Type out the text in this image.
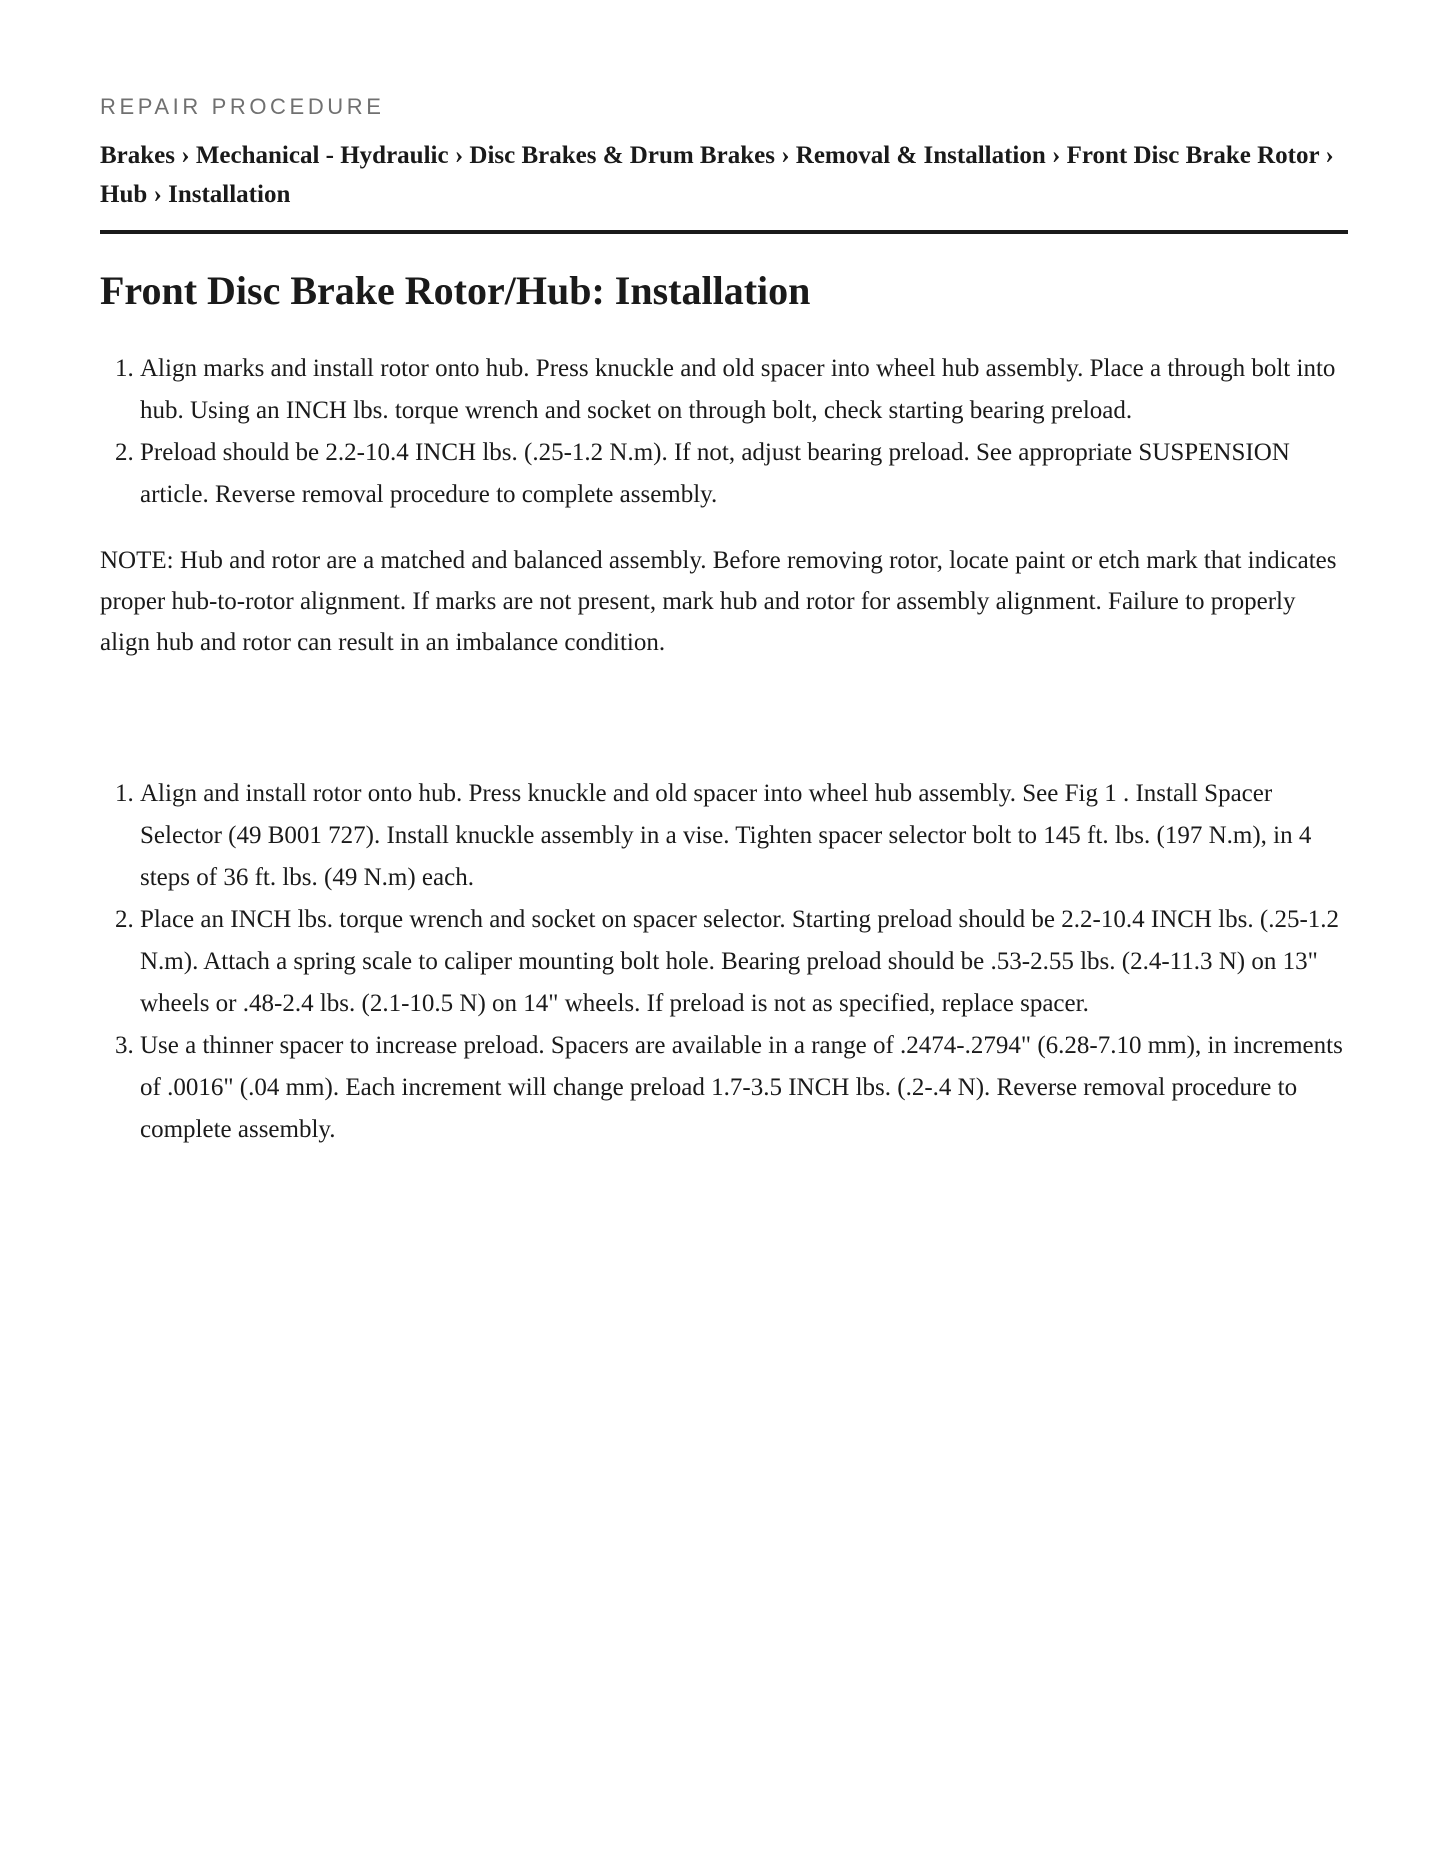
REPAIR PROCEDURE

Brakes › Mechanical - Hydraulic › Disc Brakes & Drum Brakes › Removal & Installation › Front Disc Brake Rotor › Hub › Installation
Front Disc Brake Rotor/Hub: Installation
1. Align marks and install rotor onto hub. Press knuckle and old spacer into wheel hub assembly. Place a through bolt into hub. Using an INCH lbs. torque wrench and socket on through bolt, check starting bearing preload.
2. Preload should be 2.2-10.4 INCH lbs. (.25-1.2 N.m). If not, adjust bearing preload. See appropriate SUSPENSION article. Reverse removal procedure to complete assembly.

NOTE: Hub and rotor are a matched and balanced assembly. Before removing rotor, locate paint or etch mark that indicates proper hub-to-rotor alignment. If marks are not present, mark hub and rotor for assembly alignment. Failure to properly align hub and rotor can result in an imbalance condition.

1. Align and install rotor onto hub. Press knuckle and old spacer into wheel hub assembly. See Fig 1 . Install Spacer Selector (49 B001 727). Install knuckle assembly in a vise. Tighten spacer selector bolt to 145 ft. lbs. (197 N.m), in 4 steps of 36 ft. lbs. (49 N.m) each.
2. Place an INCH lbs. torque wrench and socket on spacer selector. Starting preload should be 2.2-10.4 INCH lbs. (.25-1.2 N.m). Attach a spring scale to caliper mounting bolt hole. Bearing preload should be .53-2.55 lbs. (2.4-11.3 N) on 13" wheels or .48-2.4 lbs. (2.1-10.5 N) on 14" wheels. If preload is not as specified, replace spacer.
3. Use a thinner spacer to increase preload. Spacers are available in a range of .2474-.2794" (6.28-7.10 mm), in increments of .0016" (.04 mm). Each increment will change preload 1.7-3.5 INCH lbs. (.2-.4 N). Reverse removal procedure to complete assembly.
